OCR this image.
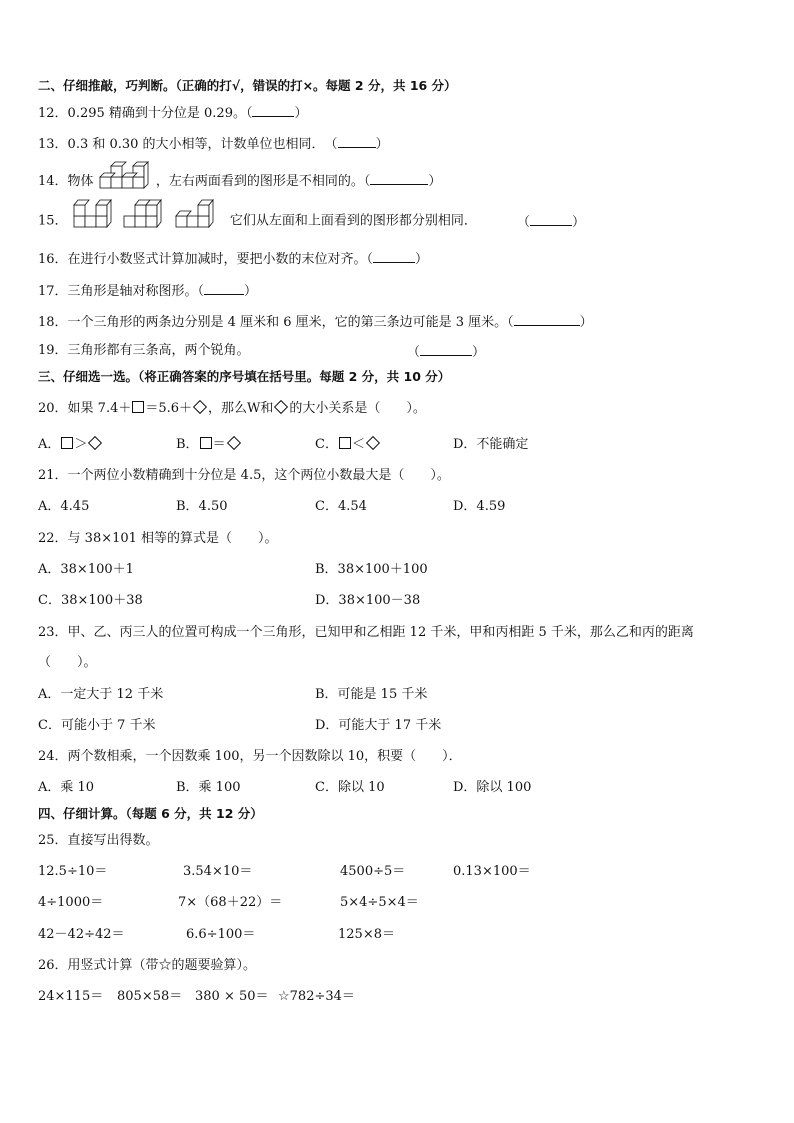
二、仔细推敲，巧判断。（正确的打√，错误的打×。每题 2 分，共 16 分）
12．0.295 精确到十分位是 0.29。（	）
13．0.3 和 0.30 的大小相等，计数单位也相同．　（	）
14．物体	，左右两面看到的图形是不相同的。（	）
15．	它们从左面和上面看到的图形都分别相同．	（	）
16．在进行小数竖式计算加减时，要把小数的末位对齐。（	）
17．三角形是轴对称图形。（	）
18．一个三角形的两条边分别是 4 厘米和 6 厘米，它的第三条边可能是 3 厘米。（	）
19．三角形都有三条高，两个锐角。	（	）
三、仔细选一选。（将正确答案的序号填在括号里。每题 2 分，共 10 分）
20．如果 7.4＋ ＝5.6＋ ，那么W和 的大小关系是（　　）。
A． ＞	B． ＝	C． ＜	D．不能确定
21．一个两位小数精确到十分位是 4.5，这个两位小数最大是（　　）。
A．4.45	B．4.50	C．4.54	D．4.59
22．与 38×101 相等的算式是（　　）。
A．38×100＋1	B．38×100＋100
C．38×100＋38	D．38×100－38
23．甲、乙、丙三人的位置可构成一个三角形，已知甲和乙相距 12 千米，甲和丙相距 5 千米，那么乙和丙的距离
（　　）。
A．一定大于 12 千米	B．可能是 15 千米
C．可能小于 7 千米	D．可能大于 17 千米
24．两个数相乘，一个因数乘 100，另一个因数除以 10，积要（　　）．
A．乘 10	B．乘 100	C．除以 10	D．除以 100
四、仔细计算。（每题 6 分，共 12 分）
25．直接写出得数。
12.5÷10＝	3.54×10＝	4500÷5＝	0.13×100＝
4÷1000＝	7×（68＋22）＝	5×4÷5×4＝
42－42÷42＝	6.6÷100＝	125×8＝
26．用竖式计算（带☆的题要验算）。
24×115＝ 805×58＝ 380 × 50＝ ☆782÷34＝
